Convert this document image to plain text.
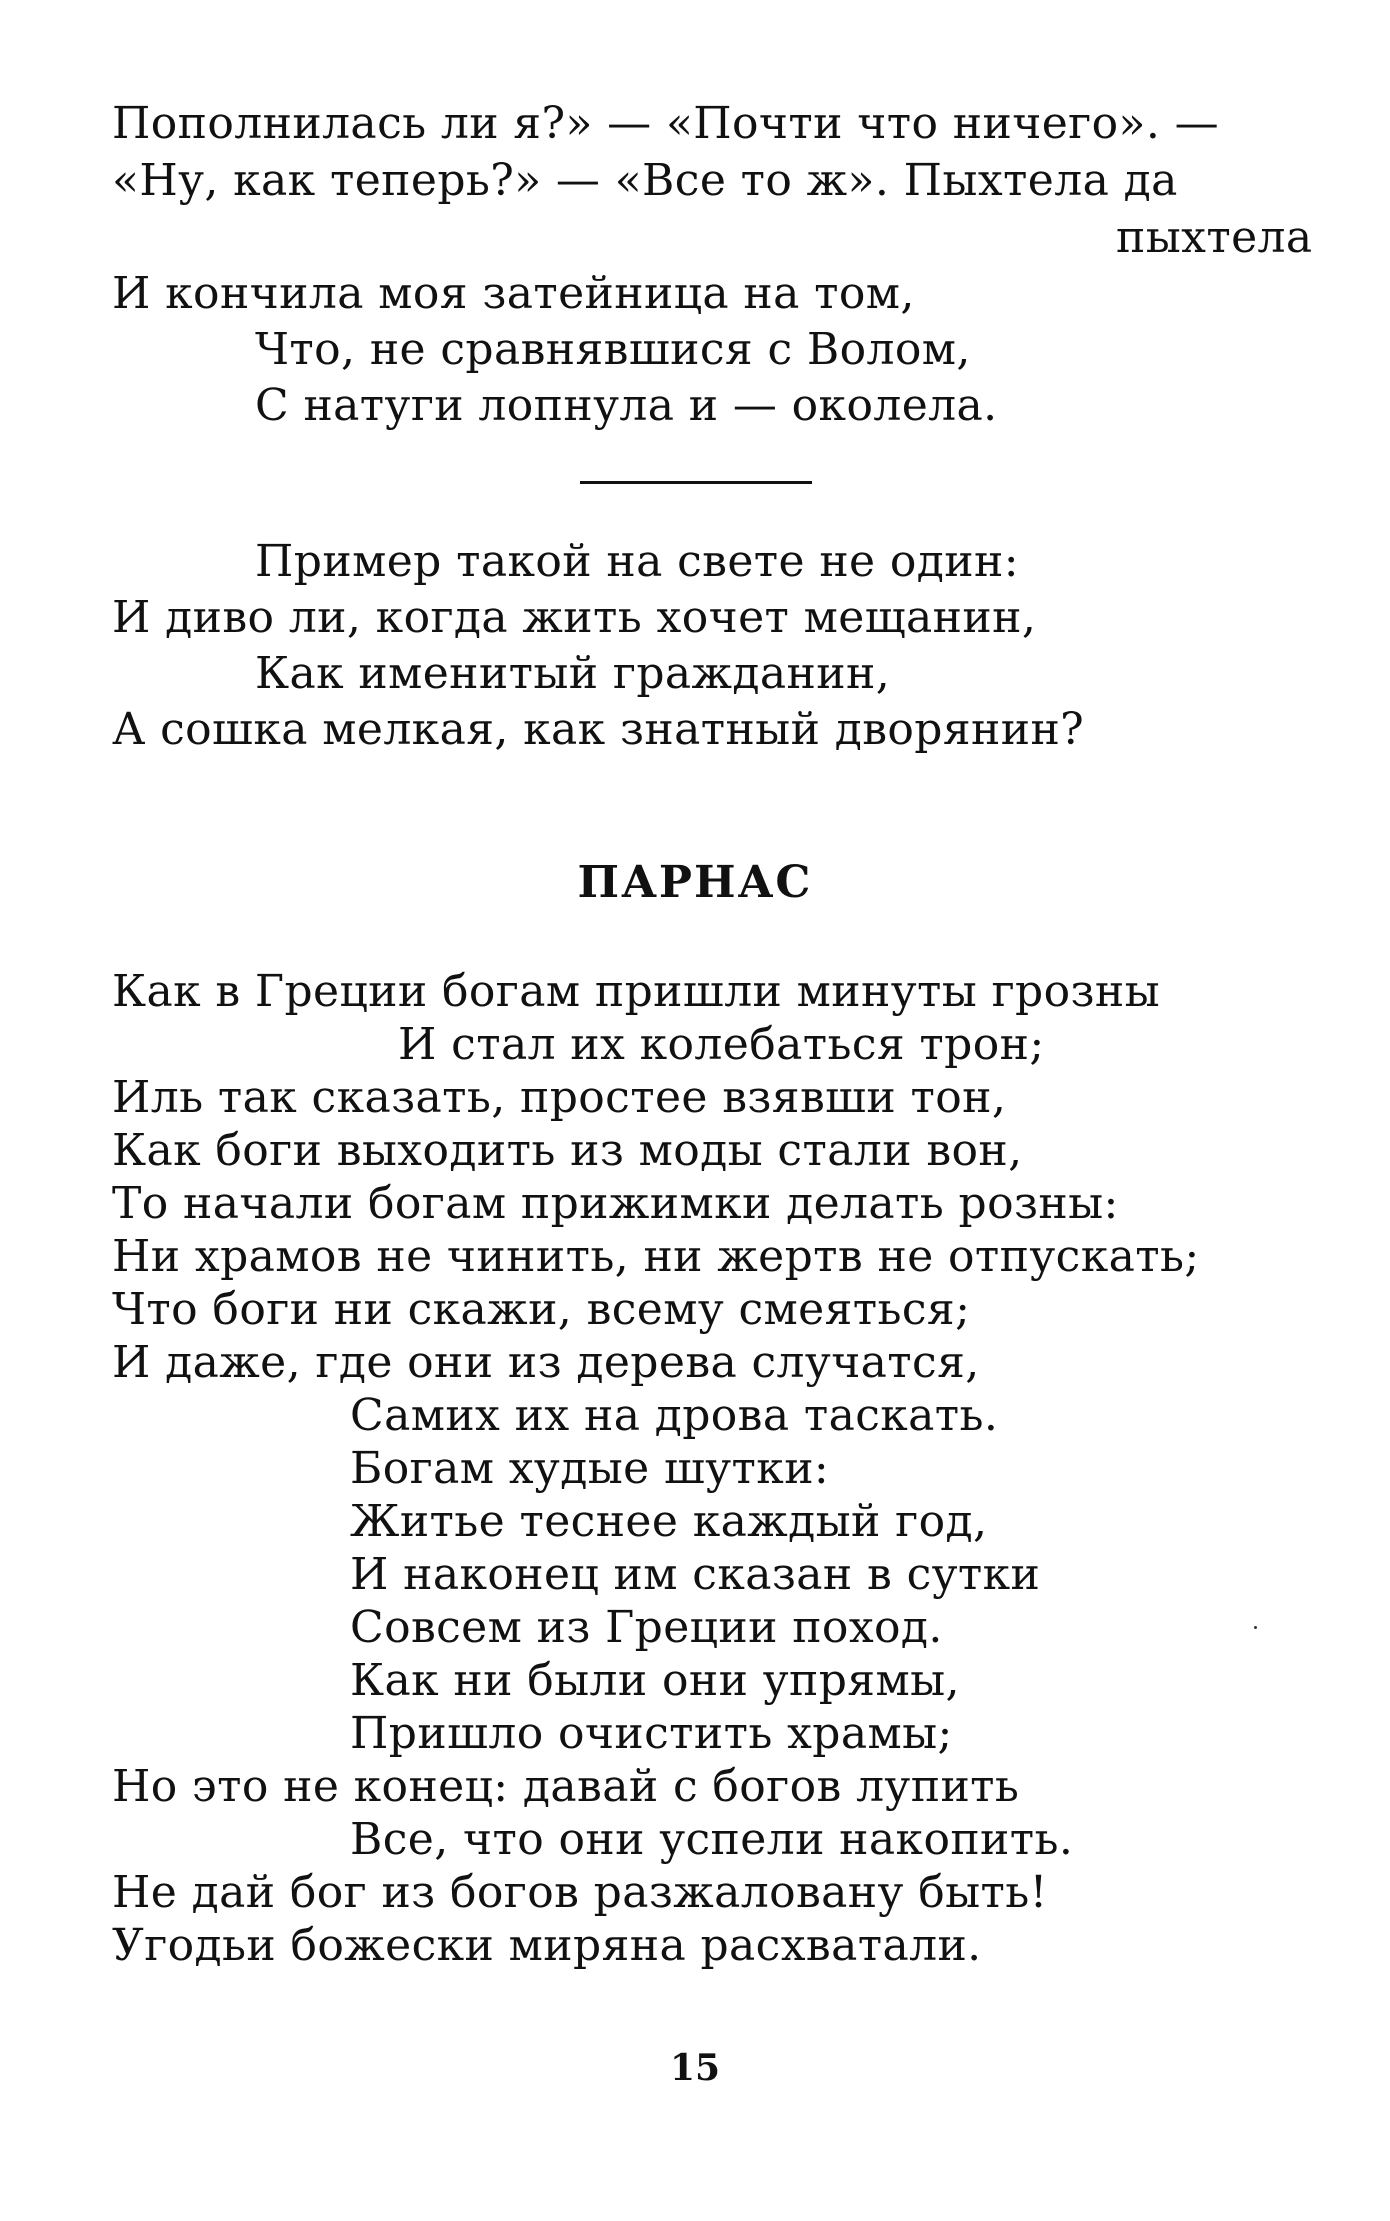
Пополнилась ли я?» — «Почти что ничего». —
«Ну, как теперь?» — «Все то ж». Пыхтела да
пыхтела
И кончила моя затейница на том,
Что, не сравнявшися с Волом,
С натуги лопнула и — околела.
Пример такой на свете не один:
И диво ли, когда жить хочет мещанин,
Как именитый гражданин,
А сошка мелкая, как знатный дворянин?
ПАРНАС
Как в Греции богам пришли минуты грозны
И стал их колебаться трон;
Иль так сказать, простее взявши тон,
Как боги выходить из моды стали вон,
То начали богам прижимки делать розны:
Ни храмов не чинить, ни жертв не отпускать;
Что боги ни скажи, всему смеяться;
И даже, где они из дерева случатся,
Самих их на дрова таскать.
Богам худые шутки:
Житье теснее каждый год,
И наконец им сказан в сутки
Совсем из Греции поход.
Как ни были они упрямы,
Пришло очистить храмы;
Но это не конец: давай с богов лупить
Все, что они успели накопить.
Не дай бог из богов разжаловану быть!
Угодьи божески миряна расхватали.
15
